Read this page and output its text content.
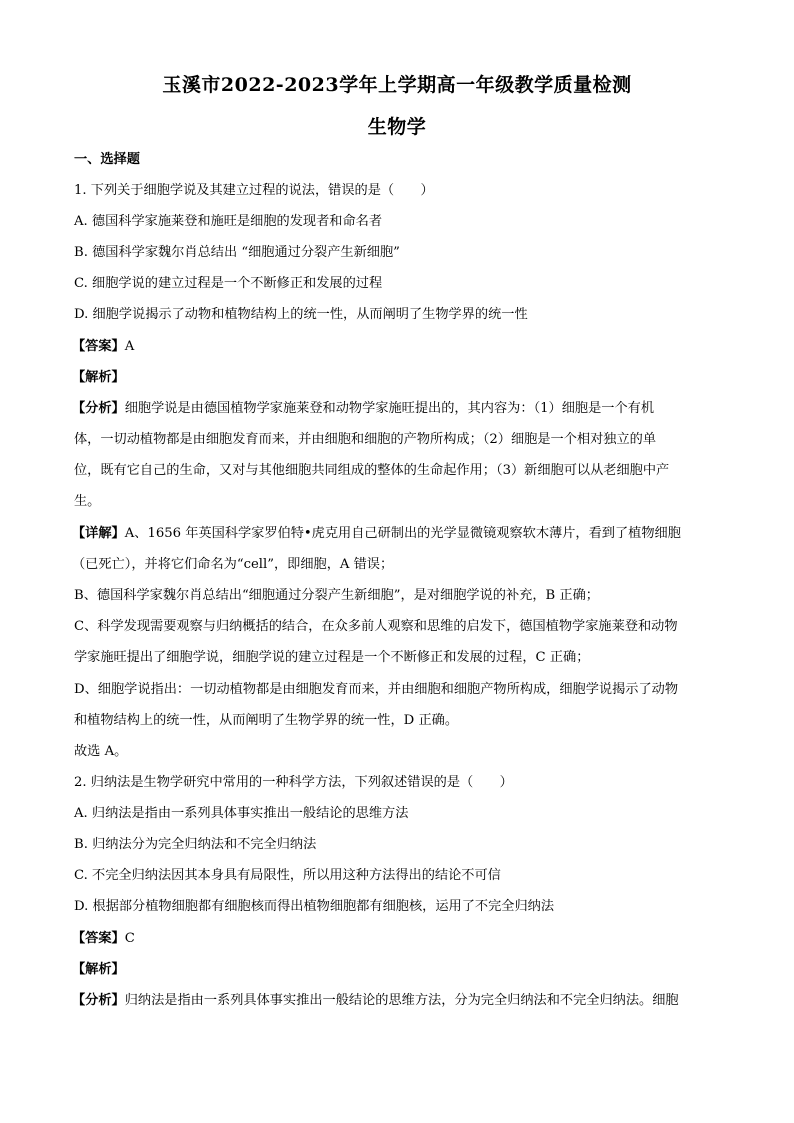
玉溪市2022-2023学年上学期高一年级教学质量检测
生物学
一、选择题
1. 下列关于细胞学说及其建立过程的说法，错误的是（　　）
A. 德国科学家施莱登和施旺是细胞的发现者和命名者
B. 德国科学家魏尔肖总结出 “细胞通过分裂产生新细胞”
C. 细胞学说的建立过程是一个不断修正和发展的过程
D. 细胞学说揭示了动物和植物结构上的统一性，从而阐明了生物学界的统一性
【答案】A
【解析】
【分析】细胞学说是由德国植物学家施莱登和动物学家施旺提出的，其内容为：（1）细胞是一个有机
体，一切动植物都是由细胞发育而来，并由细胞和细胞的产物所构成；（2）细胞是一个相对独立的单
位，既有它自己的生命，又对与其他细胞共同组成的整体的生命起作用；（3）新细胞可以从老细胞中产
生。
【详解】A、1656 年英国科学家罗伯特•虎克用自己研制出的光学显微镜观察软木薄片，看到了植物细胞
（已死亡），并将它们命名为“cell”，即细胞，A 错误；
B、德国科学家魏尔肖总结出“细胞通过分裂产生新细胞”，是对细胞学说的补充，B 正确；
C、科学发现需要观察与归纳概括的结合，在众多前人观察和思维的启发下，德国植物学家施莱登和动物
学家施旺提出了细胞学说，细胞学说的建立过程是一个不断修正和发展的过程，C 正确；
D、细胞学说指出：一切动植物都是由细胞发育而来，并由细胞和细胞产物所构成，细胞学说揭示了动物
和植物结构上的统一性，从而阐明了生物学界的统一性，D 正确。
故选 A。
2. 归纳法是生物学研究中常用的一种科学方法，下列叙述错误的是（　　）
A. 归纳法是指由一系列具体事实推出一般结论的思维方法
B. 归纳法分为完全归纳法和不完全归纳法
C. 不完全归纳法因其本身具有局限性，所以用这种方法得出的结论不可信
D. 根据部分植物细胞都有细胞核而得出植物细胞都有细胞核，运用了不完全归纳法
【答案】C
【解析】
【分析】归纳法是指由一系列具体事实推出一般结论的思维方法，分为完全归纳法和不完全归纳法。细胞
